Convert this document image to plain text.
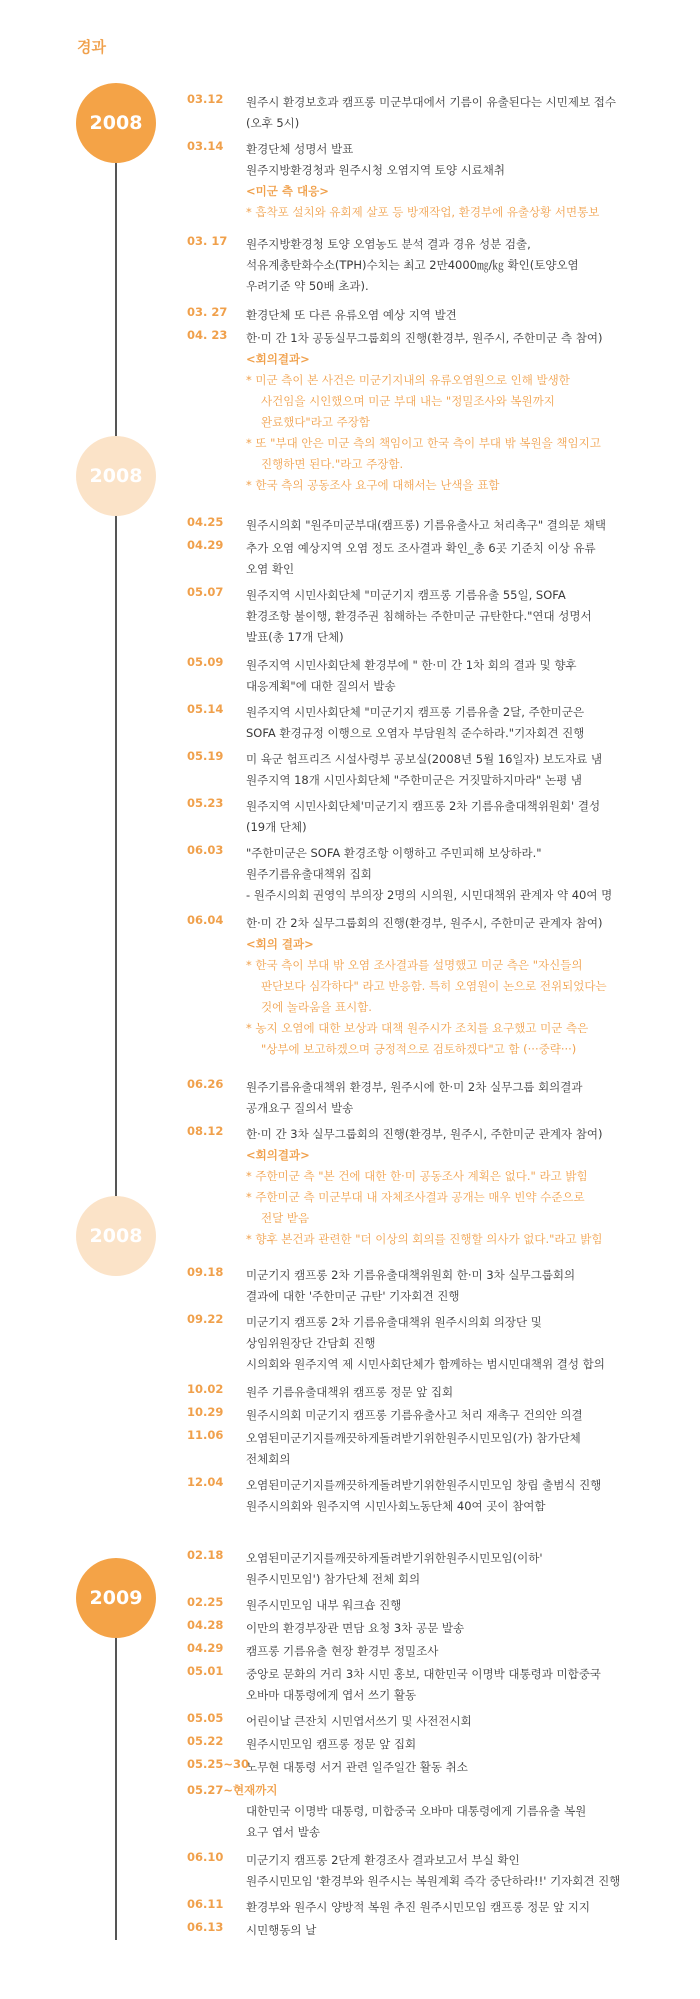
경과
2008
2008
2008
2009
03.12 원주시 환경보호과 캠프롱 미군부대에서 기름이 유출된다는 시민제보 접수
(오후 5시)
03.14 환경단체 성명서 발표
원주지방환경청과 원주시청 오염지역 토양 시료채취
<미군 측 대응>
* 흡착포 설치와 유회제 살포 등 방재작업, 환경부에 유출상황 서면통보
03. 17 원주지방환경청 토양 오염농도 분석 결과 경유 성분 검출,
석유계총탄화수소(TPH)수치는 최고 2만4000㎎/㎏ 확인(토양오염
우려기준 약 50배 초과).
03. 27 환경단체 또 다른 유류오염 예상 지역 발견
04. 23 한·미 간 1차 공동실무그룹회의 진행(환경부, 원주시, 주한미군 측 참여)
<회의결과>
* 미군 측이 본 사건은 미군기지내의 유류오염원으로 인해 발생한
사건임을 시인했으며 미군 부대 내는 "정밀조사와 복원까지
완료했다"라고 주장함
* 또 "부대 안은 미군 측의 책임이고 한국 측이 부대 밖 복원을 책임지고
진행하면 된다."라고 주장함.
* 한국 측의 공동조사 요구에 대해서는 난색을 표함
04.25 원주시의회 "원주미군부대(캠프롱) 기름유출사고 처리촉구" 결의문 채택
04.29 추가 오염 예상지역 오염 정도 조사결과 확인_총 6곳 기준치 이상 유류
오염 확인
05.07 원주지역 시민사회단체 "미군기지 캠프롱 기름유출 55일, SOFA
환경조항 불이행, 환경주권 침해하는 주한미군 규탄한다."연대 성명서
발표(총 17개 단체)
05.09 원주지역 시민사회단체 환경부에 " 한·미 간 1차 회의 결과 및 향후
대응계획"에 대한 질의서 발송
05.14 원주지역 시민사회단체 "미군기지 캠프롱 기름유출 2달, 주한미군은
SOFA 환경규정 이행으로 오염자 부담원칙 준수하라."기자회견 진행
05.19 미 육군 험프리즈 시설사령부 공보실(2008년 5월 16일자) 보도자료 냄
원주지역 18개 시민사회단체 "주한미군은 거짓말하지마라" 논평 냄
05.23 원주지역 시민사회단체'미군기지 캠프롱 2차 기름유출대책위원회' 결성
(19개 단체)
06.03 "주한미군은 SOFA 환경조항 이행하고 주민피해 보상하라."
원주기름유출대책위 집회
- 원주시의회 권영익 부의장 2명의 시의원, 시민대책위 관계자 약 40여 명
06.04 한·미 간 2차 실무그룹회의 진행(환경부, 원주시, 주한미군 관계자 참여)
<회의 결과>
* 한국 측이 부대 밖 오염 조사결과를 설명했고 미군 측은 "자신들의
판단보다 심각하다" 라고 반응함. 특히 오염원이 논으로 전위되었다는
것에 놀라움을 표시함.
* 농지 오염에 대한 보상과 대책 원주시가 조치를 요구했고 미군 측은
"상부에 보고하겠으며 긍정적으로 검토하겠다"고 함 (···중략···)
06.26 원주기름유출대책위 환경부, 원주시에 한·미 2차 실무그룹 회의결과
공개요구 질의서 발송
08.12 한·미 간 3차 실무그룹회의 진행(환경부, 원주시, 주한미군 관계자 참여)
<회의결과>
* 주한미군 측 "본 건에 대한 한·미 공동조사 계획은 없다." 라고 밝힘
* 주한미군 측 미군부대 내 자체조사결과 공개는 매우 빈약 수준으로
전달 받음
* 향후 본건과 관련한 "더 이상의 회의를 진행할 의사가 없다."라고 밝힘
09.18 미군기지 캠프롱 2차 기름유출대책위원회 한·미 3차 실무그룹회의
결과에 대한 '주한미군 규탄' 기자회견 진행
09.22 미군기지 캠프롱 2차 기름유출대책위 원주시의회 의장단 및
상임위원장단 간담회 진행
시의회와 원주지역 제 시민사회단체가 함께하는 범시민대책위 결성 합의
10.02 원주 기름유출대책위 캠프롱 정문 앞 집회
10.29 원주시의회 미군기지 캠프롱 기름유출사고 처리 재촉구 건의안 의결
11.06 오염된미군기지를깨끗하게돌려받기위한원주시민모임(가) 참가단체
전체회의
12.04 오염된미군기지를깨끗하게돌려받기위한원주시민모임 창립 출범식 진행
원주시의회와 원주지역 시민사회노동단체 40여 곳이 참여함
02.18 오염된미군기지를깨끗하게돌려받기위한원주시민모임(이하'
원주시민모임') 참가단체 전체 회의
02.25 원주시민모임 내부 워크숍 진행
04.28 이만의 환경부장관 면담 요청 3차 공문 발송
04.29 캠프롱 기름유출 현장 환경부 정밀조사
05.01 중앙로 문화의 거리 3차 시민 홍보, 대한민국 이명박 대통령과 미합중국
오바마 대통령에게 엽서 쓰기 활동
05.05 어린이날 큰잔치 시민엽서쓰기 및 사전전시회
05.22 원주시민모임 캠프롱 정문 앞 집회
05.25~30
노무현 대통령 서거 관련 일주일간 활동 취소
05.27~현재까지
대한민국 이명박 대통령, 미합중국 오바마 대통령에게 기름유출 복원
요구 엽서 발송
06.10 미군기지 캠프롱 2단계 환경조사 결과보고서 부실 확인
원주시민모임 '환경부와 원주시는 복원계획 즉각 중단하라!!' 기자회견 진행
06.11 환경부와 원주시 양방적 복원 추진 원주시민모임 캠프롱 정문 앞 지지
06.13 시민행동의 날
